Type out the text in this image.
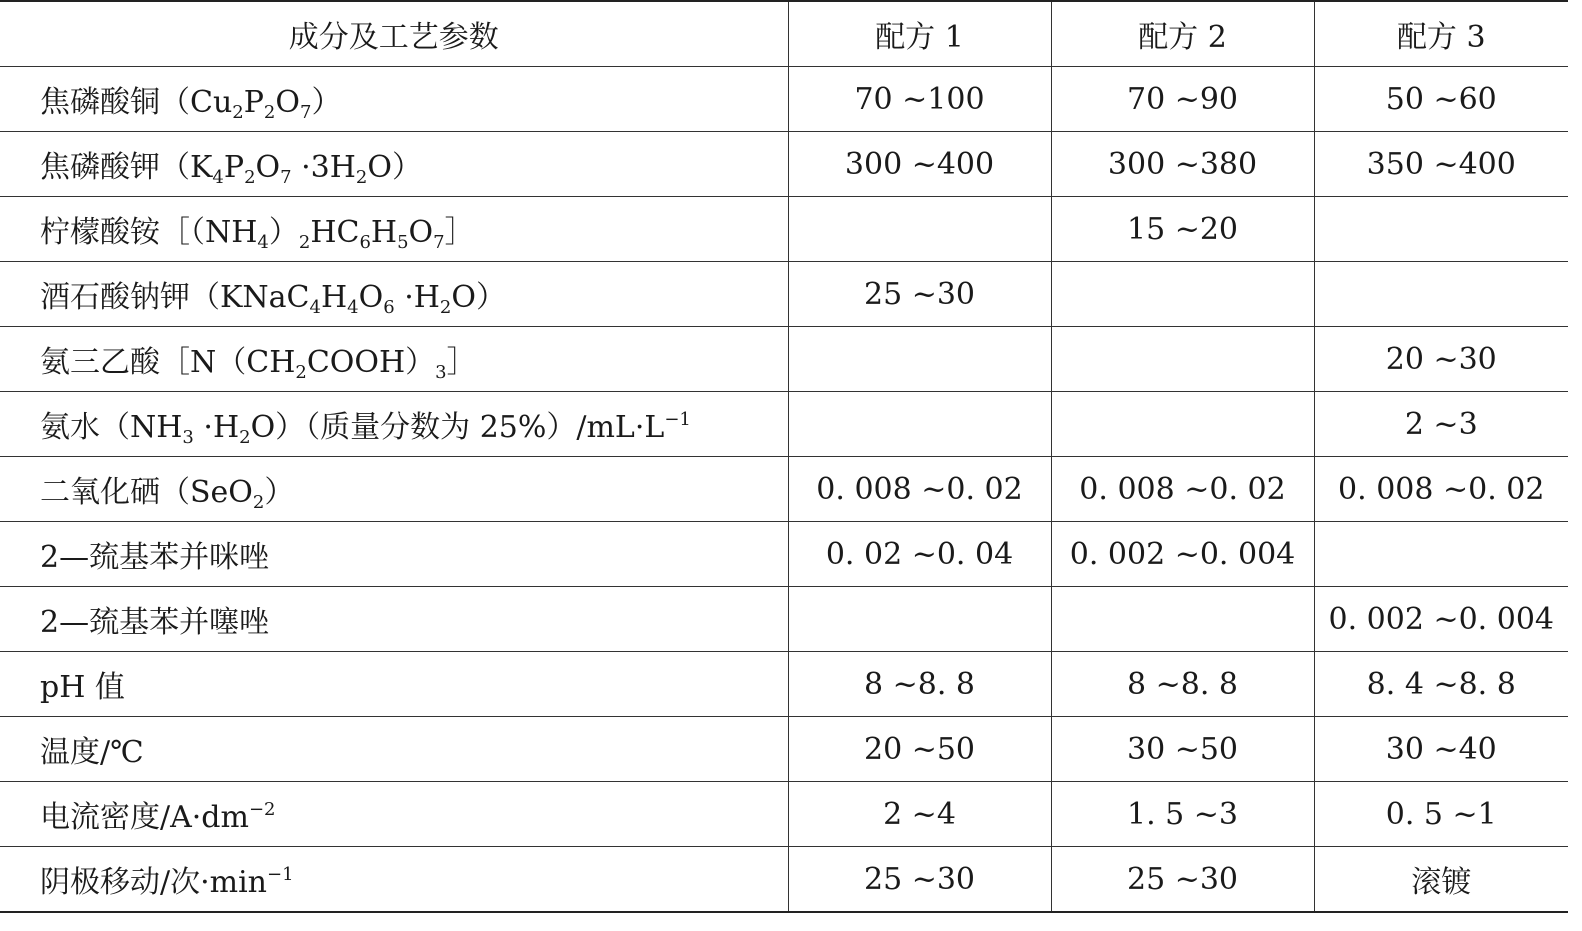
成分及工艺参数	配方 1	配方 2	配方 3
焦磷酸铜$(Cu_2P_2O_7)$	70 ~100	70 ~90	50 ~60
焦磷酸钾$(K_4P_2O_7 \cdot 3H_2O)$	300 ~400	300 ~380	350 ~400
柠檬酸铵$[(NH_4)_2HC_6H_5O_7]$		15 ~20	
酒石酸钠钾$(KNaC_4H_4O_6 \cdot H_2O)$	25 ~30		
氨三乙酸$[N(CH_2COOH)_3]$			20 ~30
氨水$(NH_3 \cdot H_2O)$（质量分数为 $25\%)/mL\cdot L^{-1}$			2 ~3
二氧化硒（SeO$_2$）	0. 008 ~0. 02	0. 008 ~0. 02	0. 008 ~0. 02
2—巯基苯并咪唑	0. 02 ~0. 04	0. 002 ~0. 004	
2—巯基苯并噻唑			0. 002 ~0. 004
pH 值	8 ~8. 8	8 ~8. 8	8. 4 ~8. 8
温度/℃	20 ~50	30 ~50	30 ~40
电流密度$/A\cdot dm^{-2}$	2 ~4	1. 5 ~3	0. 5 ~1
阴极移动/次$\cdot\min^{-1}$	25 ~30	25 ~30	滚镀
